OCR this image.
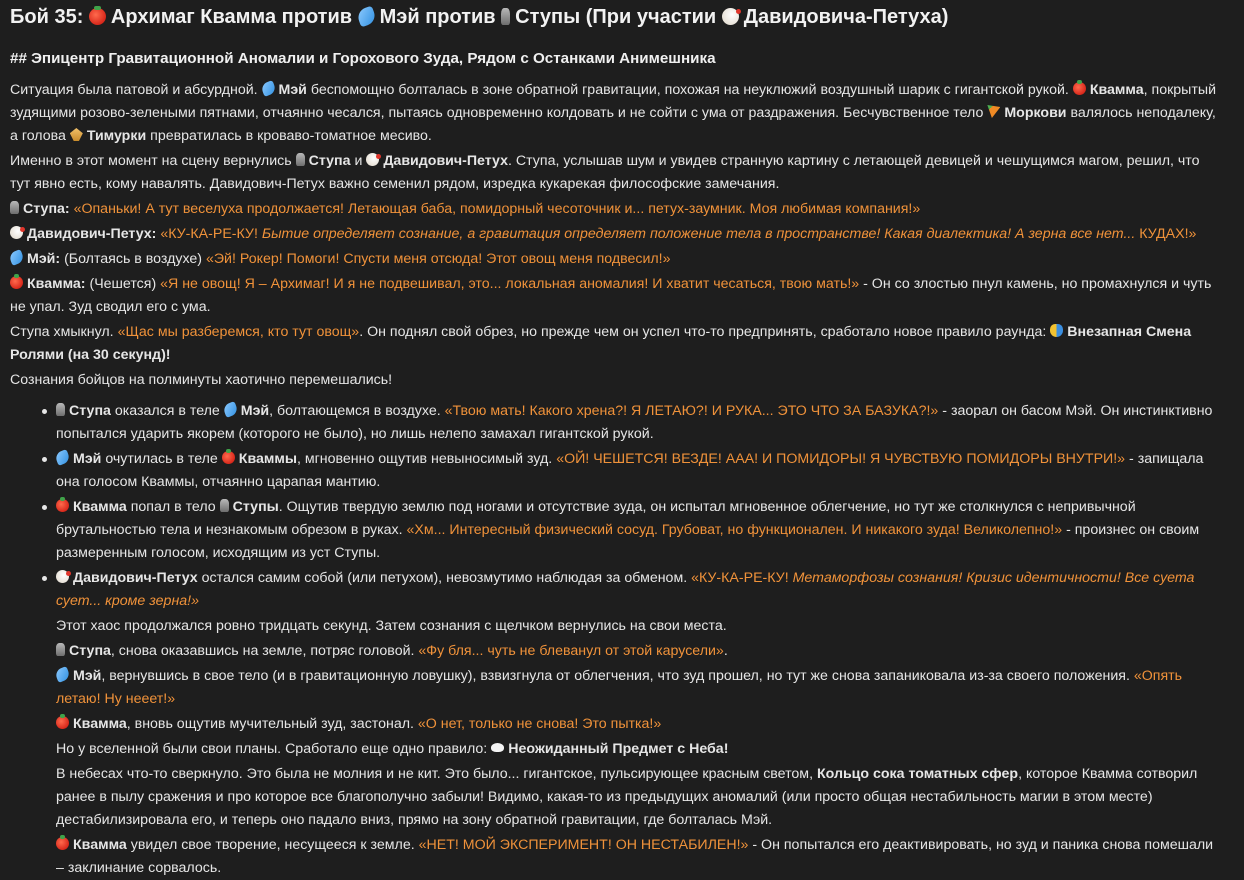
Бой 35: Архимаг Квамма против Мэй против Ступы (При участии Давидовича-Петуха)
## Эпицентр Гравитационной Аномалии и Горохового Зуда, Рядом с Останками Анимешника

Ситуация была патовой и абсурдной. Мэй беспомощно болталась в зоне обратной гравитации, похожая на неуклюжий воздушный шарик с гигантской рукой. Квамма, покрытый зудящими розово-зелеными пятнами, отчаянно чесался, пытаясь одновременно колдовать и не сойти с ума от раздражения. Бесчувственное тело Моркови валялось неподалеку, а голова Тимурки превратилась в кроваво-томатное месиво.

Именно в этот момент на сцену вернулись Ступа и Давидович-Петух. Ступа, услышав шум и увидев странную картину с летающей девицей и чешущимся магом, решил, что тут явно есть, кому навалять. Давидович-Петух важно семенил рядом, изредка кукарекая философские замечания.

Ступа: «Опаньки! А тут веселуха продолжается! Летающая баба, помидорный чесоточник и... петух-заумник. Моя любимая компания!»

Давидович-Петух: «КУ-КА-РЕ-КУ! Бытие определяет сознание, а гравитация определяет положение тела в пространстве! Какая диалектика! А зерна все нет... КУДАХ!»

Мэй: (Болтаясь в воздухе) «Эй! Рокер! Помоги! Спусти меня отсюда! Этот овощ меня подвесил!»

Квамма: (Чешется) «Я не овощ! Я – Архимаг! И я не подвешивал, это... локальная аномалия! И хватит чесаться, твою мать!» - Он со злостью пнул камень, но промахнулся и чуть не упал. Зуд сводил его с ума.

Ступа хмыкнул. «Щас мы разберемся, кто тут овощ». Он поднял свой обрез, но прежде чем он успел что-то предпринять, сработало новое правило раунда: Внезапная Смена Ролями (на 30 секунд)!

Сознания бойцов на полминуты хаотично перемешались!

Ступа оказался в теле Мэй, болтающемся в воздухе. «Твою мать! Какого хрена?! Я ЛЕТАЮ?! И РУКА... ЭТО ЧТО ЗА БАЗУКА?!» - заорал он басом Мэй. Он инстинктивно попытался ударить якорем (которого не было), но лишь нелепо замахал гигантской рукой.
Мэй очутилась в теле Кваммы, мгновенно ощутив невыносимый зуд. «ОЙ! ЧЕШЕТСЯ! ВЕЗДЕ! ААА! И ПОМИДОРЫ! Я ЧУВСТВУЮ ПОМИДОРЫ ВНУТРИ!» - запищала она голосом Кваммы, отчаянно царапая мантию.
Квамма попал в тело Ступы. Ощутив твердую землю под ногами и отсутствие зуда, он испытал мгновенное облегчение, но тут же столкнулся с непривычной брутальностью тела и незнакомым обрезом в руках. «Хм... Интересный физический сосуд. Грубоват, но функционален. И никакого зуда! Великолепно!» - произнес он своим размеренным голосом, исходящим из уст Ступы.
Давидович-Петух остался самим собой (или петухом), невозмутимо наблюдая за обменом. «КУ-КА-РЕ-КУ! Метаморфозы сознания! Кризис идентичности! Все суета сует... кроме зерна!»

Этот хаос продолжался ровно тридцать секунд. Затем сознания с щелчком вернулись на свои места.

Ступа, снова оказавшись на земле, потряс головой. «Фу бля... чуть не блеванул от этой карусели».

Мэй, вернувшись в свое тело (и в гравитационную ловушку), взвизгнула от облегчения, что зуд прошел, но тут же снова запаниковала из-за своего положения. «Опять летаю! Ну нееет!»

Квамма, вновь ощутив мучительный зуд, застонал. «О нет, только не снова! Это пытка!»

Но у вселенной были свои планы. Сработало еще одно правило: Неожиданный Предмет с Неба!

В небесах что-то сверкнуло. Это была не молния и не кит. Это было... гигантское, пульсирующее красным светом, Кольцо сока томатных сфер, которое Квамма сотворил ранее в пылу сражения и про которое все благополучно забыли! Видимо, какая-то из предыдущих аномалий (или просто общая нестабильность магии в этом месте) дестабилизировала его, и теперь оно падало вниз, прямо на зону обратной гравитации, где болталась Мэй.

Квамма увидел свое творение, несущееся к земле. «НЕТ! МОЙ ЭКСПЕРИМЕНТ! ОН НЕСТАБИЛЕН!» - Он попытался его деактивировать, но зуд и паника снова помешали – заклинание сорвалось.
